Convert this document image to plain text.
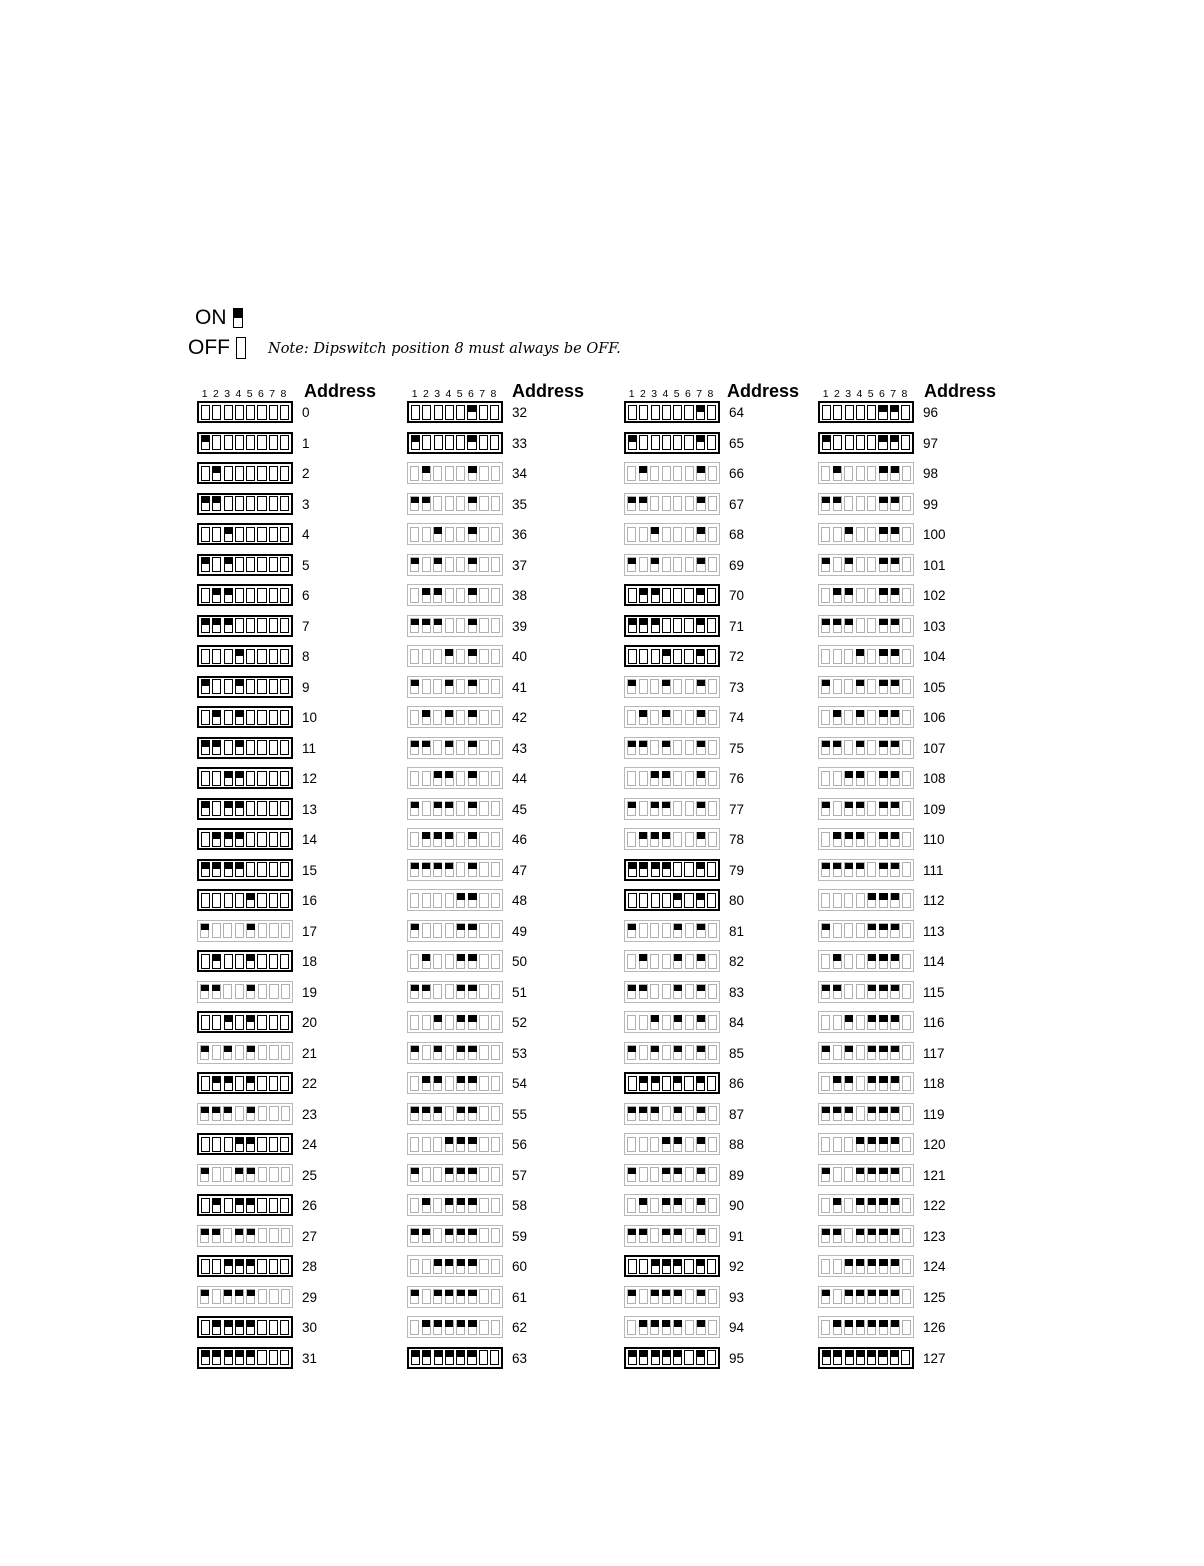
ON
OFF	Note: Dipswitch position 8 must always be OFF.
1 2 3 4 5 6 7 8 Address
0
1
2
3
4
5
6
7
8
9
10
11
12
13
14
15
16
17
18
19
20
21
22
23
24
25
26
27
28
29
30
31
1 2 3 4 5 6 7 8 Address
32
33
34
35
36
37
38
39
40
41
42
43
44
45
46
47
48
49
50
51
52
53
54
55
56
57
58
59
60
61
62
63
1 2 3 4 5 6 7 8 Address
64
65
66
67
68
69
70
71
72
73
74
75
76
77
78
79
80
81
82
83
84
85
86
87
88
89
90
91
92
93
94
95
1 2 3 4 5 6 7 8 Address
96
97
98
99
100
101
102
103
104
105
106
107
108
109
110
111
112
113
114
115
116
117
118
119
120
121
122
123
124
125
126
127
